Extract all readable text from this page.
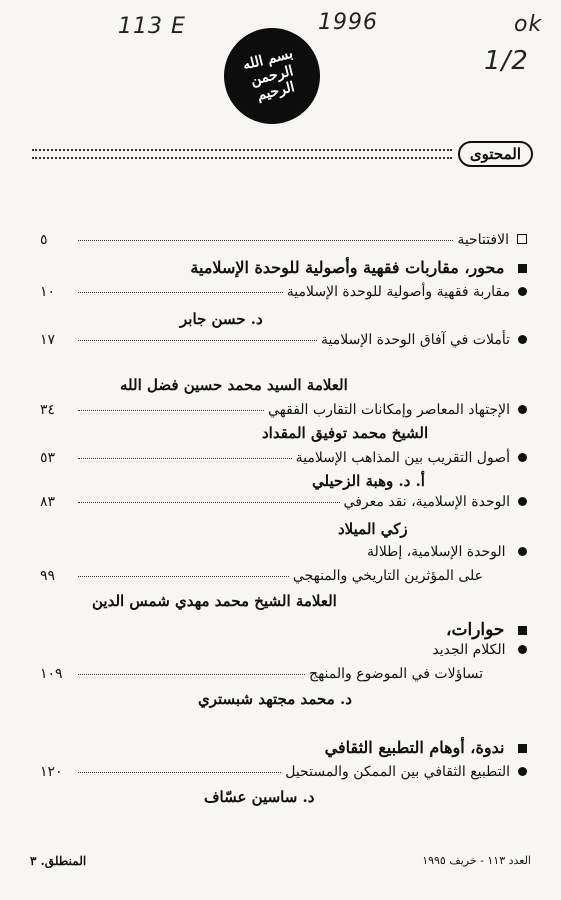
113 E	1996	ok
1/2
بسم الله الرحمن الرحيم
المحتوى
الافتتاحية
٥
محور، مقاربات فقهية وأصولية للوحدة الإسلامية
مقاربة فقهية وأصولية للوحدة الإسلامية
١٠
د. حسن جابر
تأملات في آفاق الوحدة الإسلامية
١٧
العلامة السيد محمد حسين فضل الله
الإجتهاد المعاصر وإمكانات التقارب الفقهي
٣٤
الشيخ محمد توفيق المقداد
أصول التقريب بين المذاهب الإسلامية
٥٣
أ. د. وهبة الزحيلي
الوحدة الإسلامية، نقد معرفي
٨٣
زكي الميلاد
الوحدة الإسلامية، إطلالة
على المؤثرين التاريخي والمنهجي
٩٩
العلامة الشيخ محمد مهدي شمس الدين
حوارات،
الكلام الجديد
تساؤلات في الموضوع والمنهج
١٠٩
د. محمد مجتهد شبستري
ندوة، أوهام التطبيع الثقافي
التطبيع الثقافي بين الممكن والمستحيل
١٢٠
د. ساسين عسّاف
المنطلق. ٣	العدد ١١٣ - خريف ١٩٩٥
